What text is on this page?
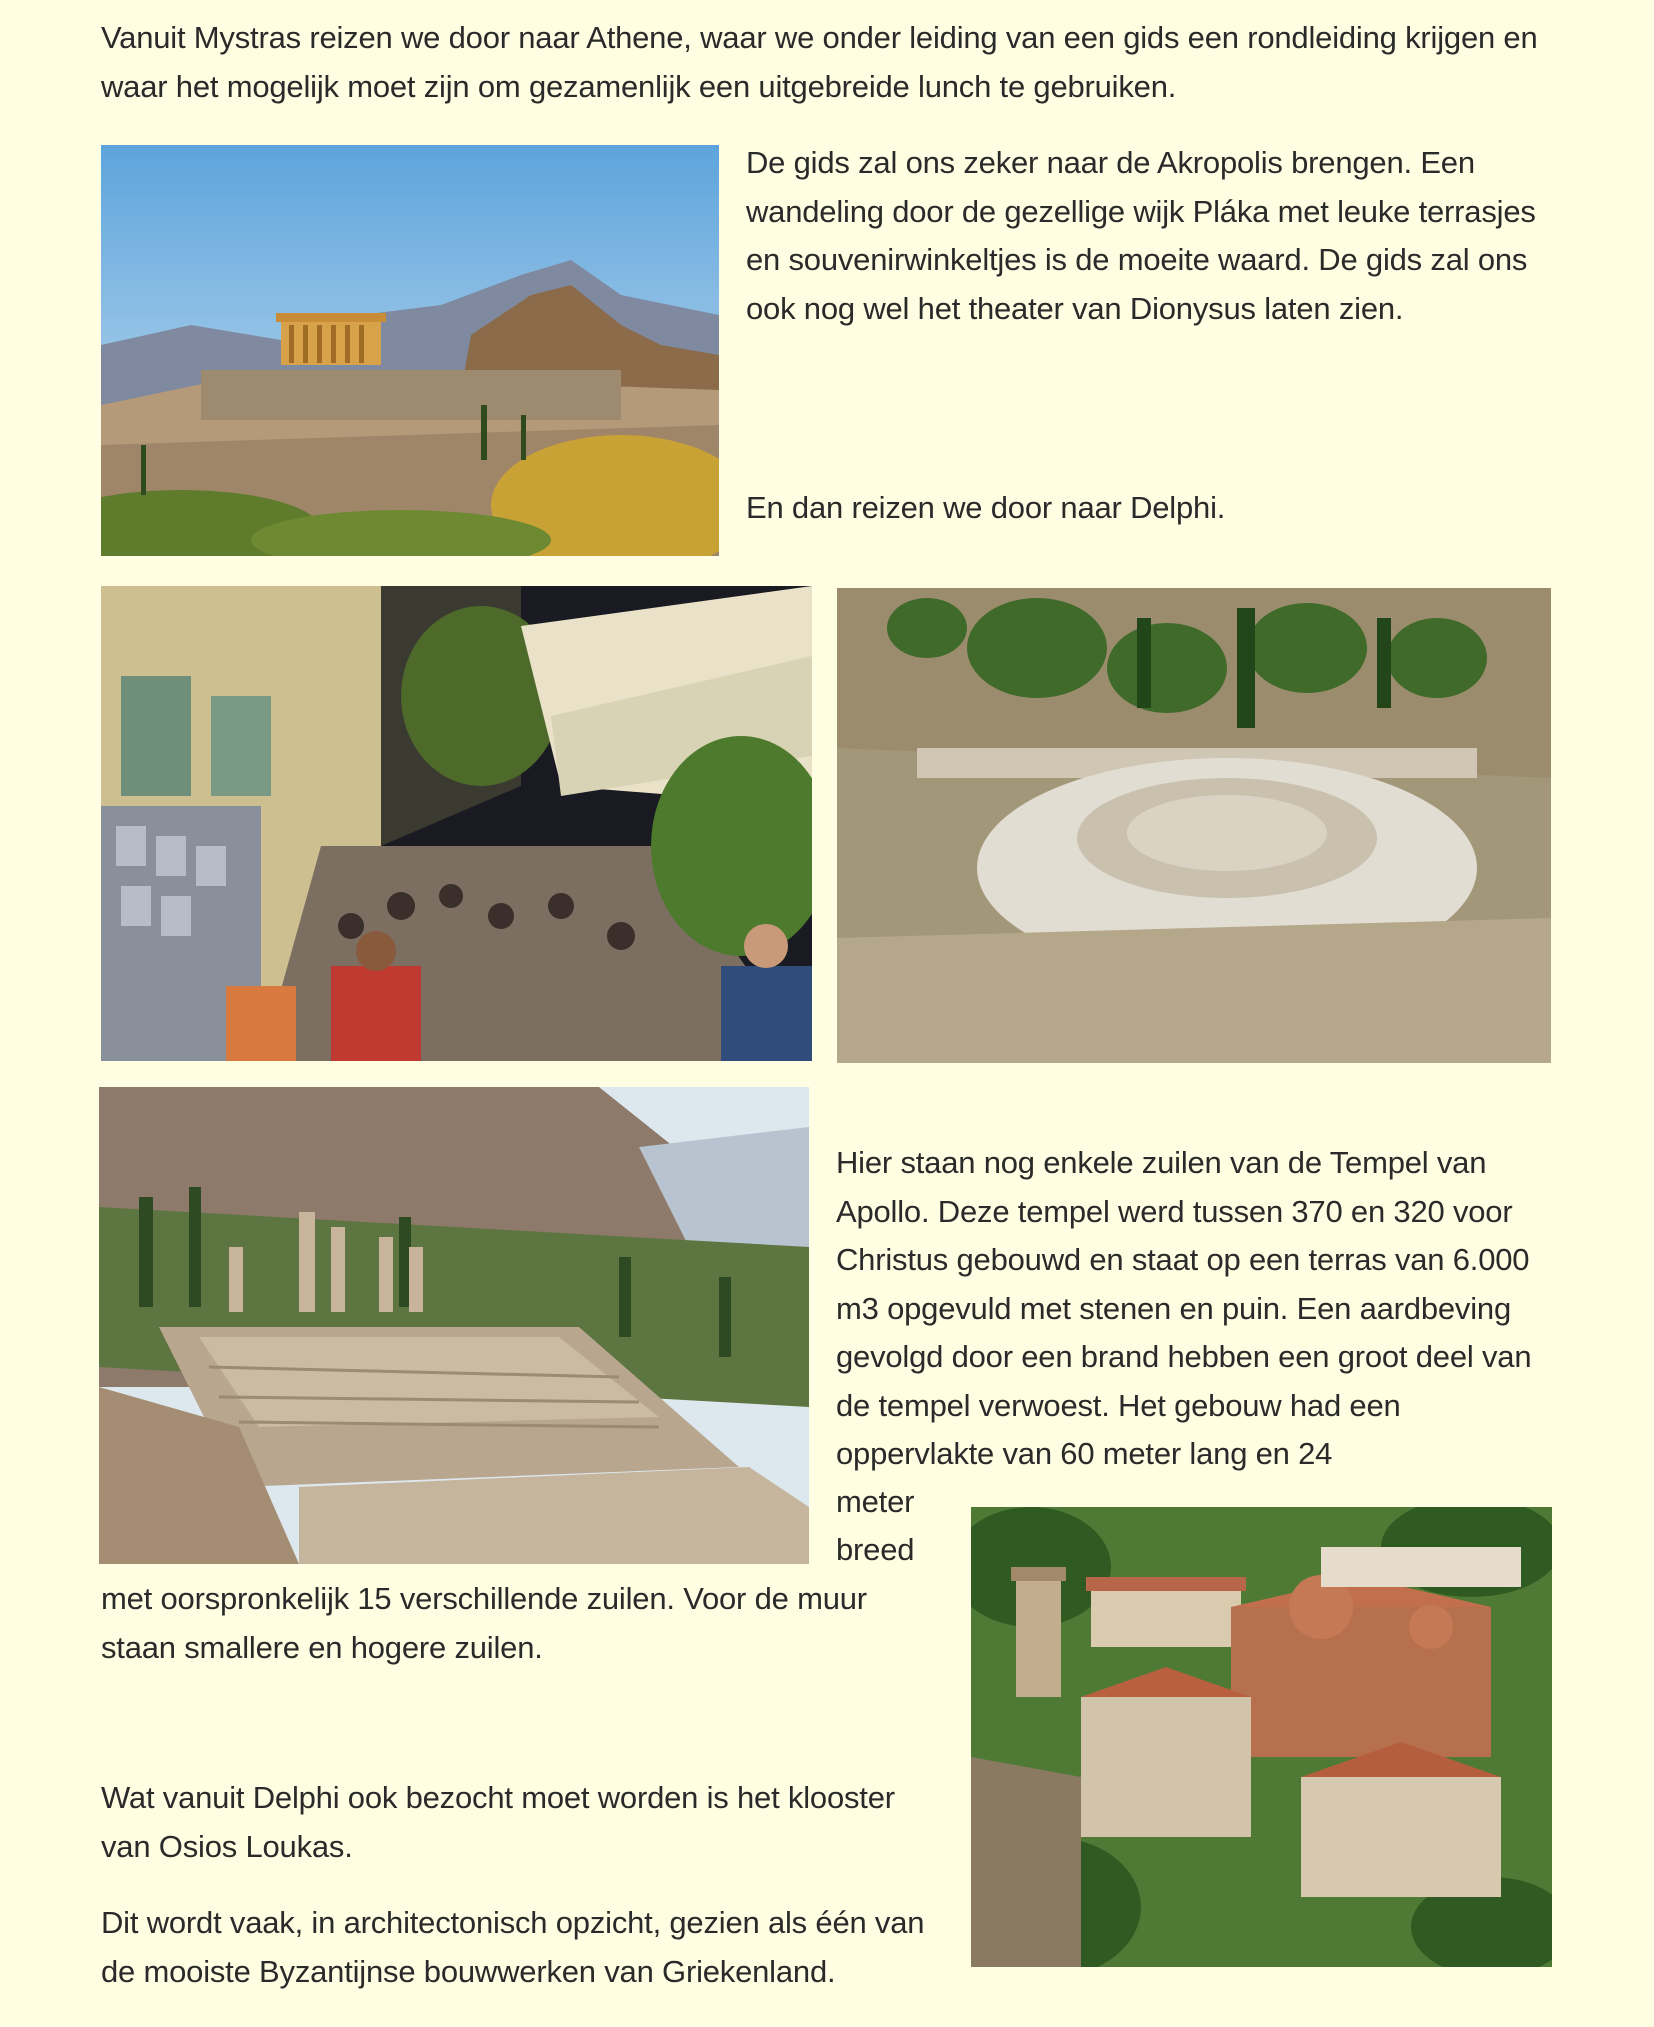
Vanuit Mystras reizen we door naar Athene, waar we onder leiding van een gids een rondleiding krijgen en waar het mogelijk moet zijn om gezamenlijk een uitgebreide lunch te gebruiken.

De gids zal ons zeker naar de Akropolis brengen. Een wandeling door de gezellige wijk Pláka met leuke terrasjes en souvenirwinkeltjes is de moeite waard. De gids zal ons ook nog wel het theater van Dionysus laten zien.

En dan reizen we door naar Delphi.

Hier staan nog enkele zuilen van de Tempel van Apollo. Deze tempel werd tussen 370 en 320 voor Christus gebouwd en staat op een terras van 6.000 m3 opgevuld met stenen en puin. Een aardbeving gevolgd door een brand hebben een groot deel van de tempel verwoest. Het gebouw had een oppervlakte van 60 meter lang en 24

meter

breed

met oorspronkelijk 15 verschillende zuilen. Voor de muur staan smallere en hogere zuilen.

Wat vanuit Delphi ook bezocht moet worden is het klooster van Osios Loukas.

Dit wordt vaak, in architectonisch opzicht, gezien als één van de mooiste Byzantijnse bouwwerken van Griekenland.
